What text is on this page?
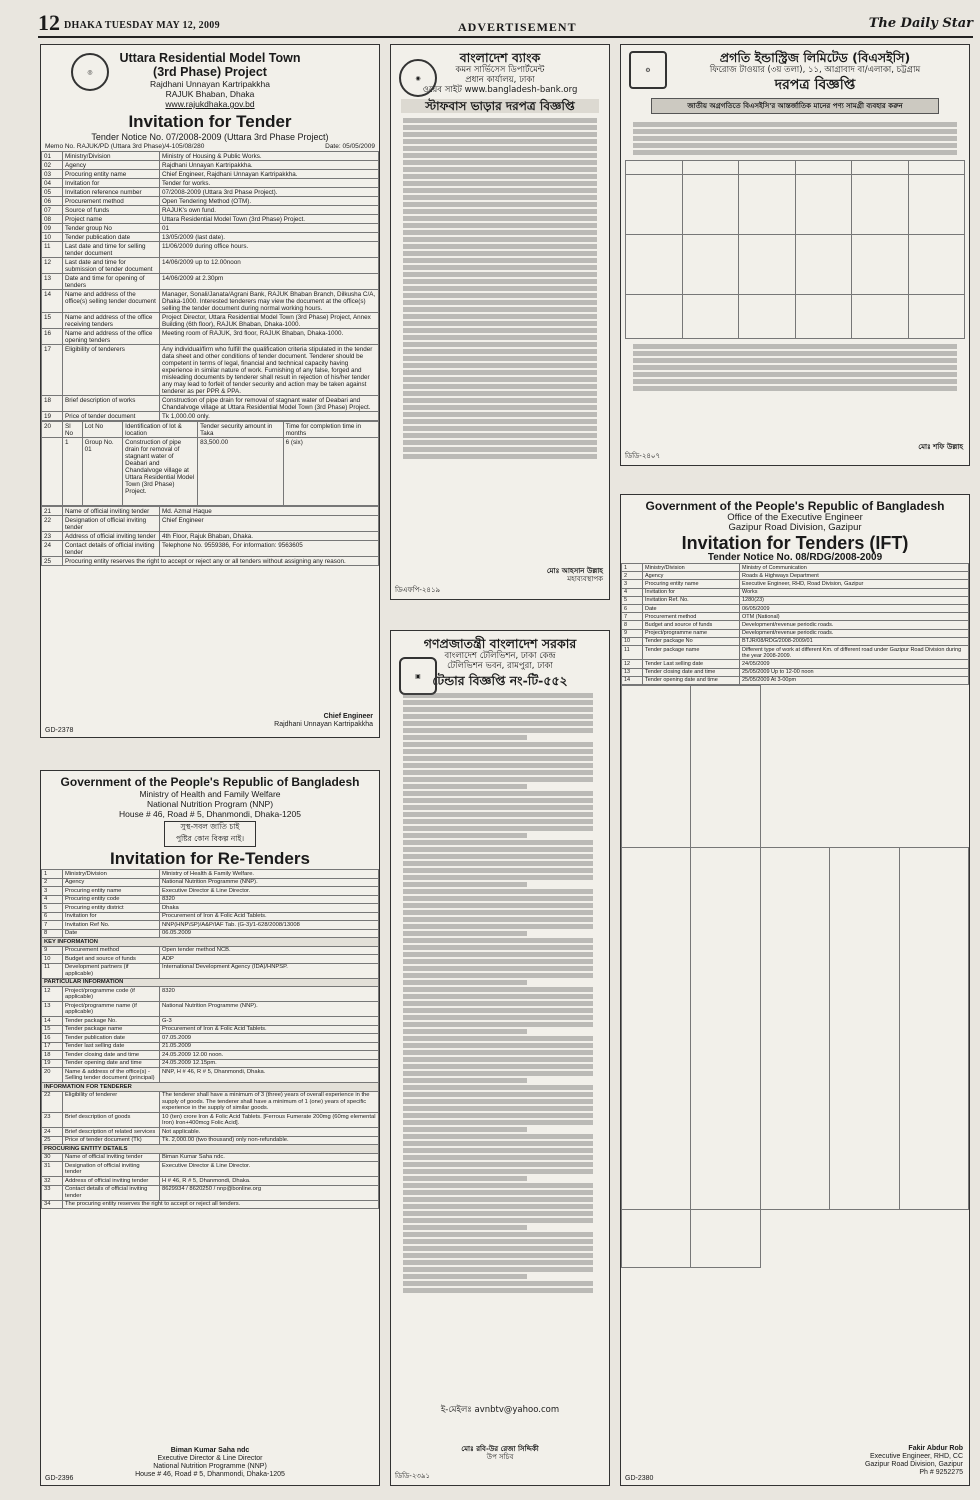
12 DHAKA TUESDAY MAY 12, 2009	ADVERTISEMENT	The Daily Star
◎
Uttara Residential Model Town
(3rd Phase) Project
Rajdhani Unnayan Kartripakkha
RAJUK Bhaban, Dhaka
www.rajukdhaka.gov.bd
Invitation for Tender
Tender Notice No. 07/2008-2009 (Uttara 3rd Phase Project)
Memo No. RAJUK/PD (Uttara 3rd Phase)/4-105/08/280	Date: 05/05/2009
01	Ministry/Division	Ministry of Housing & Public Works.
02	Agency	Rajdhani Unnayan Kartripakkha.
03	Procuring entity name	Chief Engineer, Rajdhani Unnayan Kartripakkha.
04	Invitation for	Tender for works.
05	Invitation reference number	07/2008-2009 (Uttara 3rd Phase Project).
06	Procurement method	Open Tendering Method (OTM).
07	Source of funds	RAJUK's own fund.
08	Project name	Uttara Residential Model Town (3rd Phase) Project.
09	Tender group No	01
10	Tender publication date	13/05/2009 (last date).
11	Last date and time for selling tender document	11/06/2009 during office hours.
12	Last date and time for submission of tender document	14/06/2009 up to 12.00noon
13	Date and time for opening of tenders	14/06/2009 at 2.30pm
14	Name and address of the office(s) selling tender document	Manager, Sonali/Janata/Agrani Bank, RAJUK Bhaban Branch, Dilkusha C/A, Dhaka-1000. Interested tenderers may view the document at the office(s) selling the tender document during normal working hours.
15	Name and address of the office receiving tenders	Project Director, Uttara Residential Model Town (3rd Phase) Project, Annex Building (6th floor), RAJUK Bhaban, Dhaka-1000.
16	Name and address of the office opening tenders	Meeting room of RAJUK, 3rd floor, RAJUK Bhaban, Dhaka-1000.
17	Eligibility of tenderers	Any individual/firm who fulfill the qualification criteria stipulated in the tender data sheet and other conditions of tender document. Tenderer should be competent in terms of legal, financial and technical capacity having experience in similar nature of work. Furnishing of any false, forged and misleading documents by tenderer shall result in rejection of his/her tender any may lead to forfeit of tender security and action may be taken against tenderer as per PPR & PPA.
18	Brief description of works	Construction of pipe drain for removal of stagnant water of Deabari and Chandalvoge village at Uttara Residential Model Town (3rd Phase) Project.
19	Price of tender document	Tk 1,000.00 only.
20	Sl No	Lot No	Identification of lot & location	Tender security amount in Taka	Time for completion time in months
	1	Group No. 01	Construction of pipe drain for removal of stagnant water of Deabari and Chandalvoge village at Uttara Residential Model Town (3rd Phase) Project.	83,500.00	6 (six)
21	Name of official inviting tender	Md. Azmal Haque
22	Designation of official inviting tender	Chief Engineer
23	Address of official inviting tender	4th Floor, Rajuk Bhaban, Dhaka.
24	Contact details of official inviting tender	Telephone No. 9559386, For information: 9563605
25	Procuring entity reserves the right to accept or reject any or all tenders without assigning any reason.	
Chief Engineer
Rajdhani Unnayan Kartripakkha
GD-2378
◉
বাংলাদেশ ব্যাংক
কমন সার্ভিসেস ডিপার্টমেন্ট
প্রধান কার্যালয়, ঢাকা
ওয়েব সাইট www.bangladesh-bank.org
স্টাফবাস ভাড়ার দরপত্র বিজ্ঞপ্তি
মোঃ আহসান উল্লাহ
মহাব্যবস্থাপক
ডিএফপি-২৪১৯
⚙
প্রগতি ইন্ডাস্ট্রিজ লিমিটেড (বিএসইসি)
ফিরোজ টাওয়ার (৩য় তলা), ১১, আগ্রাবাদ বা/এলাকা, চট্টগ্রাম
দরপত্র বিজ্ঞপ্তি
জাতীয় অগ্রগতিতে বিএসইসি'র আন্তর্জাতিক মানের পণ্য সামগ্রী ব্যবহার করুন

মোঃ শফি উল্লাহ
ডিডি-২৪০৭
Government of the People's Republic of Bangladesh
Office of the Executive Engineer
Gazipur Road Division, Gazipur
Invitation for Tenders (IFT)
Tender Notice No. 08/RDG/2008-2009
1	Ministry/Division	Ministry of Communication
2	Agency	Roads & Highways Department
3	Procuring entity name	Executive Engineer, RHD, Road Division, Gazipur
4	Invitation for	Works
5	Invitation Ref. No.	1280(23)
6	Date	06/05/2009
7	Procurement method	OTM (National)
8	Budget and source of funds	Development/revenue periodic roads.
9	Project/programme name	Development/revenue periodic roads.
10	Tender package No	BTJR/08/RDG/2008-2009/01
11	Tender package name	Different type of work at different Km. of different road under Gazipur Road Division during the year 2008-2009.
12	Tender Last selling date	24/05/2009
13	Tender closing date and time	25/05/2009 Up to 12-00 noon
14	Tender opening date and time	25/05/2009 At 3-00pm

Fakir Abdur Rob
Executive Engineer, RHD, CC
Gazipur Road Division, Gazipur
Ph # 9252275
GD-2380
Government of the People's Republic of Bangladesh
Ministry of Health and Family Welfare
National Nutrition Program (NNP)
House # 46, Road # 5, Dhanmondi, Dhaka-1205
সুস্থ-সবল জাতি চাই
পুষ্টির কোন বিকল্প নাই।
Invitation for Re-Tenders
1	Ministry/Division	Ministry of Health & Family Welfare.
2	Agency	National Nutrition Programme (NNP).
3	Procuring entity name	Executive Director & Line Director.
4	Procuring entity code	8320
5	Procuring entity district	Dhaka
6	Invitation for	Procurement of Iron & Folic Acid Tablets.
7	Invitation Ref No.	NNP(HNP\SP)/A&P/IAF Tab. (G-3)/1-628/2008/13008
8	Date	06.05.2009
KEY INFORMATION		
9	Procurement method	Open tender method NCB.
10	Budget and source of funds	ADP
11	Development partners (if applicable)	International Development Agency (IDA)/HNPSP.
PARTICULAR INFORMATION		
12	Project/programme code (if applicable)	8320
13	Project/programme name (if applicable)	National Nutrition Programme (NNP).
14	Tender package No.	G-3
15	Tender package name	Procurement of Iron & Folic Acid Tablets.
16	Tender publication date	07.05.2009
17	Tender last selling date	21.05.2009
18	Tender closing date and time	24.05.2009 12.00 noon.
19	Tender opening date and time	24.05.2009 12.15pm.
20	Name & address of the office(s) - Selling tender document (principal)	NNP, H # 46, R # 5, Dhanmondi, Dhaka.
INFORMATION FOR TENDERER		
22	Eligibility of tenderer	The tenderer shall have a minimum of 3 (three) years of overall experience in the supply of goods. The tenderer shall have a minimum of 1 (one) years of specific experience in the supply of similar goods.
23	Brief description of goods	10 (ten) crore Iron & Folic Acid Tablets. [Ferrous Fumerate 200mg (60mg elemental Iron) Iron+400mcg Folic Acid].
24	Brief description of related services	Not applicable.
25	Price of tender document (Tk)	Tk. 2,000.00 (two thousand) only non-refundable.
PROCURING ENTITY DETAILS		
30	Name of official inviting tender	Biman Kumar Saha ndc.
31	Designation of official inviting tender	Executive Director & Line Director.
32	Address of official inviting tender	H # 46, R # 5, Dhanmondi, Dhaka.
33	Contact details of official inviting tender	8629934 / 8620250 / nnp@bonline.org
34	The procuring entity reserves the right to accept or reject all tenders.	
Biman Kumar Saha ndc
Executive Director & Line Director
National Nutrition Programme (NNP)
House # 46, Road # 5, Dhanmondi, Dhaka-1205
GD-2396
▣
গণপ্রজাতন্ত্রী বাংলাদেশ সরকার
বাংলাদেশ টেলিভিশন, ঢাকা কেন্দ্র
টেলিভিশন ভবন, রামপুরা, ঢাকা
টেন্ডার বিজ্ঞপ্তি নং-টি-৫৫২
ই-মেইলঃ avnbtv@yahoo.com
মোঃ রবি-উর রেজা সিদ্দিকী
উপ সচিব
ডিডি-২৩৯১
